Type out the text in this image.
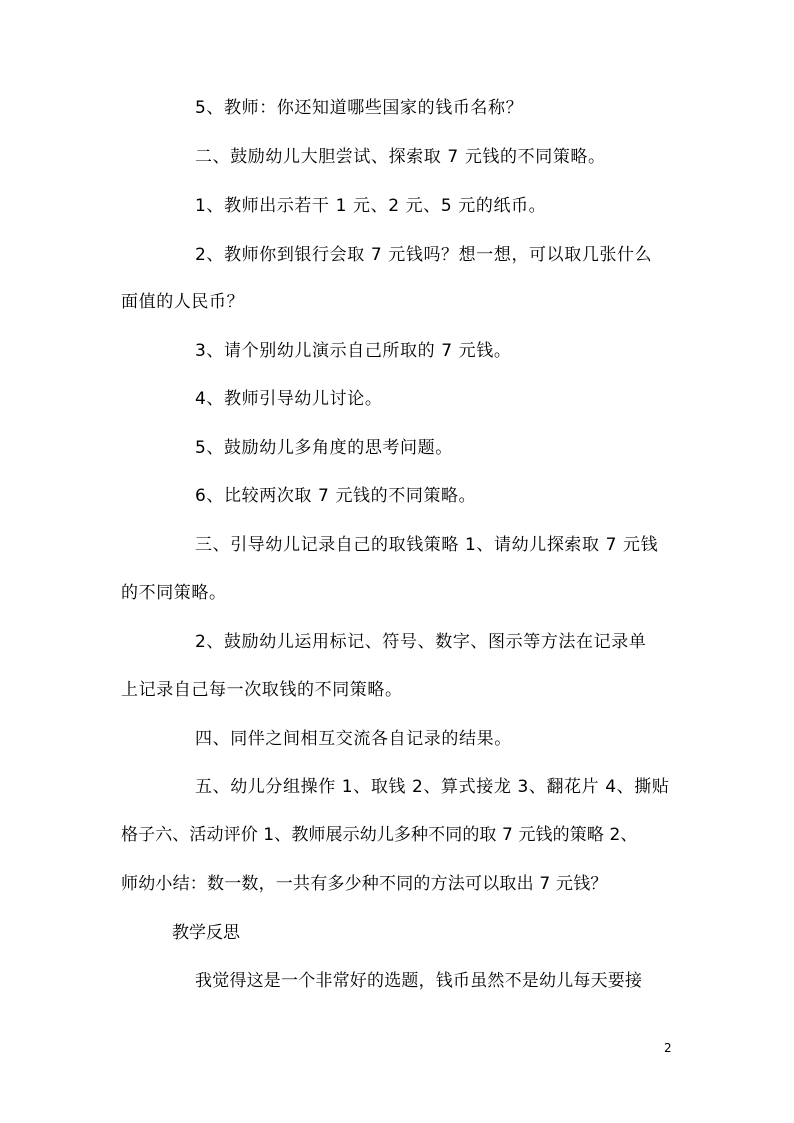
5、教师：你还知道哪些国家的钱币名称？
二、鼓励幼儿大胆尝试、探索取 7 元钱的不同策略。
1、教师出示若干 1 元、2 元、5 元的纸币。
2、教师你到银行会取 7 元钱吗？想一想，可以取几张什么
面值的人民币？
3、请个别幼儿演示自己所取的 7 元钱。
4、教师引导幼儿讨论。
5、鼓励幼儿多角度的思考问题。
6、比较两次取 7 元钱的不同策略。
三、引导幼儿记录自己的取钱策略 1、请幼儿探索取 7 元钱
的不同策略。
2、鼓励幼儿运用标记、符号、数字、图示等方法在记录单
上记录自己每一次取钱的不同策略。
四、同伴之间相互交流各自记录的结果。
五、幼儿分组操作 1、取钱 2、算式接龙 3、翻花片 4、撕贴
格子六、活动评价 1、教师展示幼儿多种不同的取 7 元钱的策略 2、
师幼小结：数一数，一共有多少种不同的方法可以取出 7 元钱？
教学反思
我觉得这是一个非常好的选题，钱币虽然不是幼儿每天要接
2
